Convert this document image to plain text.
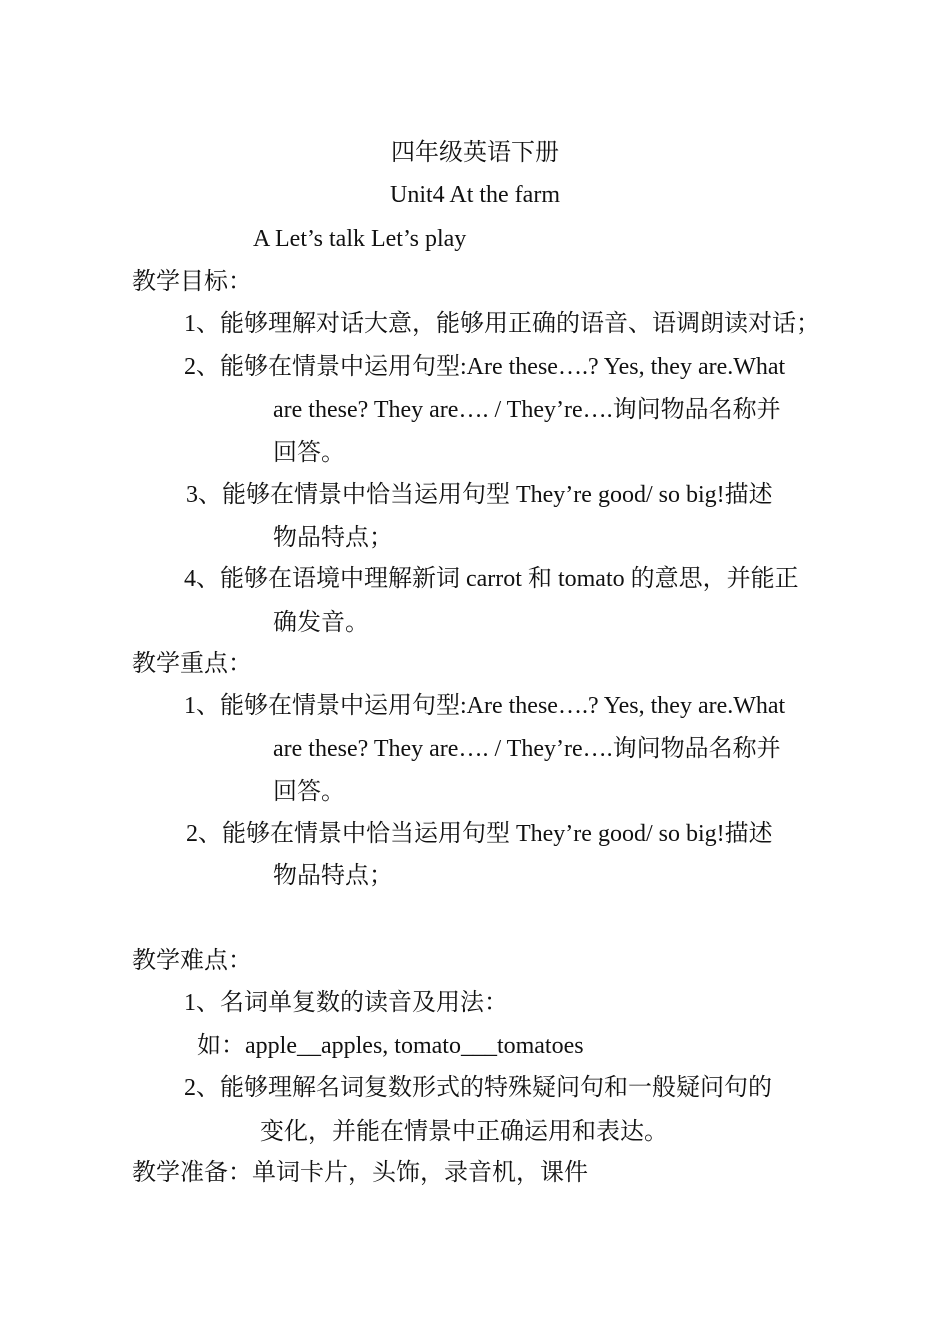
四年级英语下册
Unit4 At the farm
A Let’s talk Let’s play
教学目标：
1、能够理解对话大意，能够用正确的语音、语调朗读对话；
2、能够在情景中运用句型:Are these….? Yes, they are.What
are these? They are…. / They’re….询问物品名称并
回答。
3、能够在情景中恰当运用句型 They’re good/ so big!描述
物品特点；
4、能够在语境中理解新词 carrot 和 tomato 的意思，并能正
确发音。
教学重点：
1、能够在情景中运用句型:Are these….? Yes, they are.What
are these? They are…. / They’re….询问物品名称并
回答。
2、能够在情景中恰当运用句型 They’re good/ so big!描述
物品特点；
教学难点：
1、名词单复数的读音及用法：
如：apple__apples, tomato___tomatoes
2、能够理解名词复数形式的特殊疑问句和一般疑问句的
变化，并能在情景中正确运用和表达。
教学准备：单词卡片，头饰，录音机，课件
